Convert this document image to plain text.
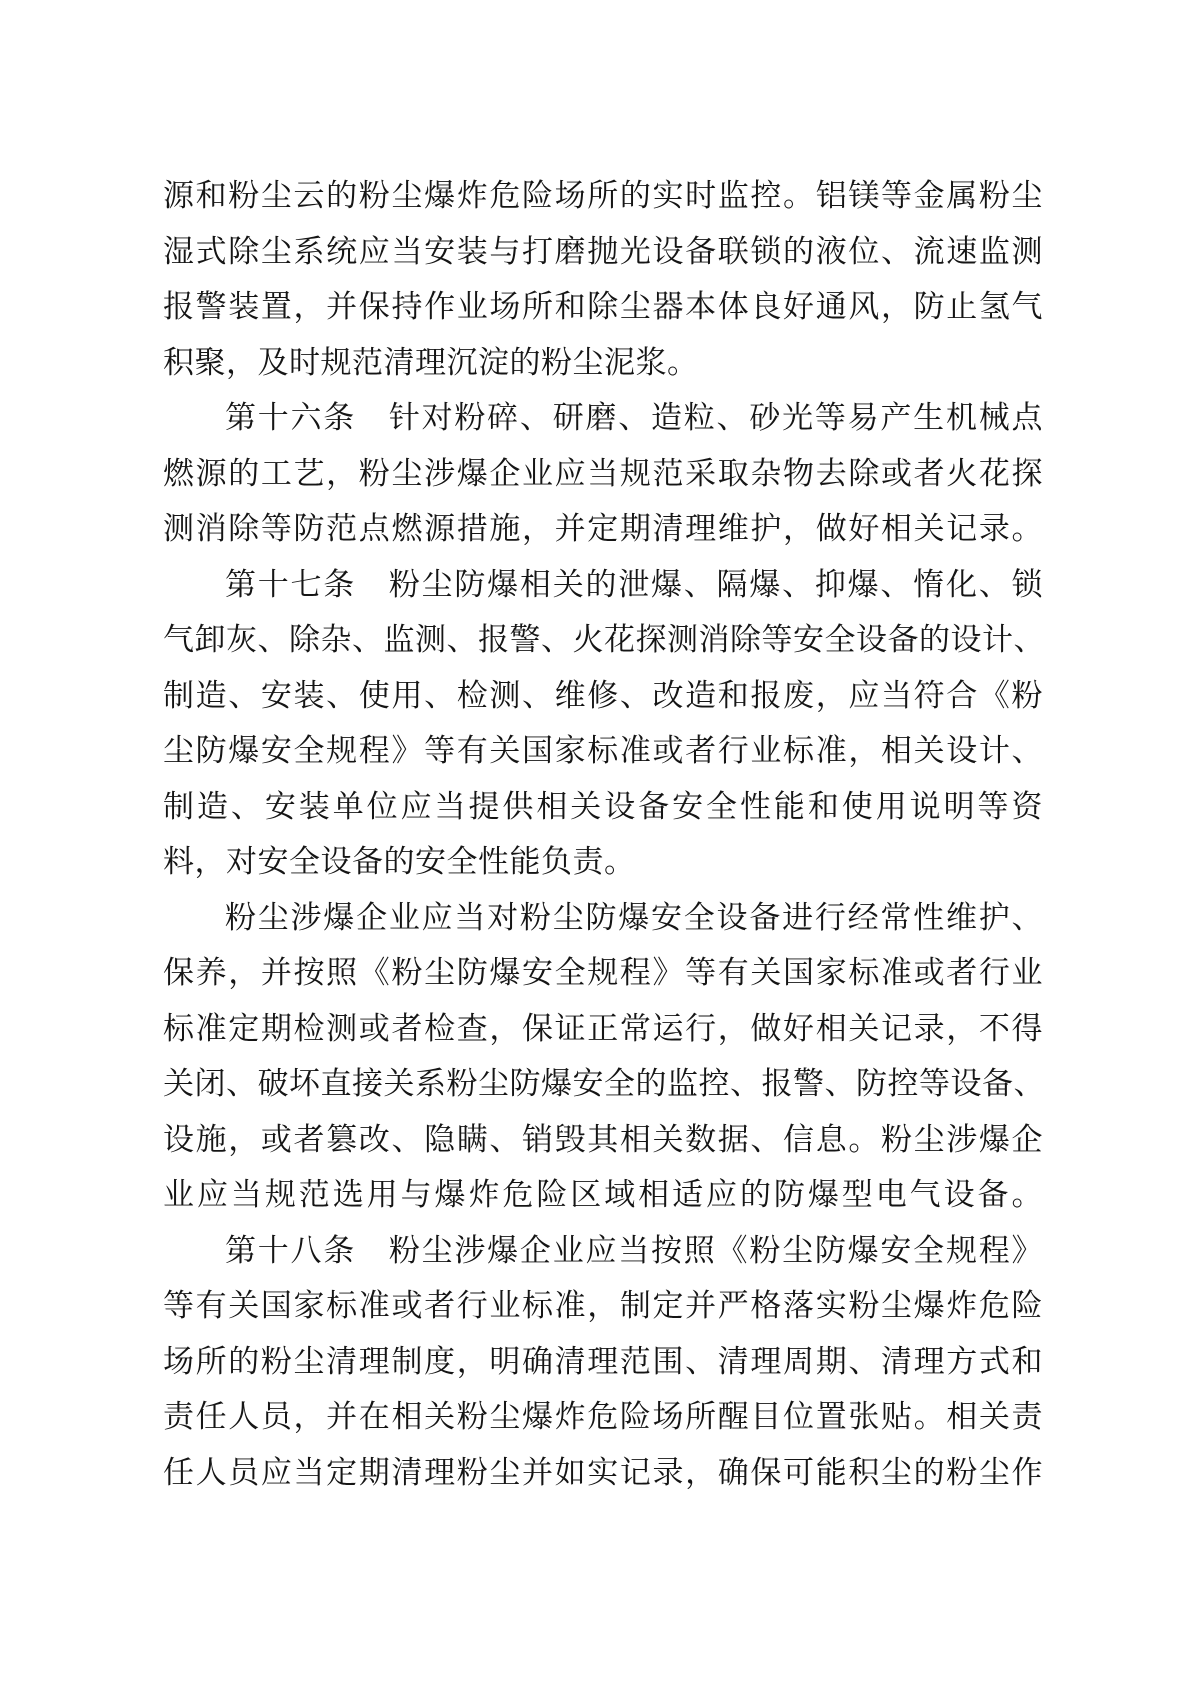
源和粉尘云的粉尘爆炸危险场所的实时监控。铝镁等金属粉尘
湿式除尘系统应当安装与打磨抛光设备联锁的液位、流速监测
报警装置，并保持作业场所和除尘器本体良好通风，防止氢气
积聚，及时规范清理沉淀的粉尘泥浆。
第十六条　针对粉碎、研磨、造粒、砂光等易产生机械点
燃源的工艺，粉尘涉爆企业应当规范采取杂物去除或者火花探
测消除等防范点燃源措施，并定期清理维护，做好相关记录。
第十七条　粉尘防爆相关的泄爆、隔爆、抑爆、惰化、锁
气卸灰、除杂、监测、报警、火花探测消除等安全设备的设计、
制造、安装、使用、检测、维修、改造和报废，应当符合《粉
尘防爆安全规程》等有关国家标准或者行业标准，相关设计、
制造、安装单位应当提供相关设备安全性能和使用说明等资
料，对安全设备的安全性能负责。
粉尘涉爆企业应当对粉尘防爆安全设备进行经常性维护、
保养，并按照《粉尘防爆安全规程》等有关国家标准或者行业
标准定期检测或者检查，保证正常运行，做好相关记录，不得
关闭、破坏直接关系粉尘防爆安全的监控、报警、防控等设备、
设施，或者篡改、隐瞒、销毁其相关数据、信息。粉尘涉爆企
业应当规范选用与爆炸危险区域相适应的防爆型电气设备。
第十八条　粉尘涉爆企业应当按照《粉尘防爆安全规程》
等有关国家标准或者行业标准，制定并严格落实粉尘爆炸危险
场所的粉尘清理制度，明确清理范围、清理周期、清理方式和
责任人员，并在相关粉尘爆炸危险场所醒目位置张贴。相关责
任人员应当定期清理粉尘并如实记录，确保可能积尘的粉尘作
